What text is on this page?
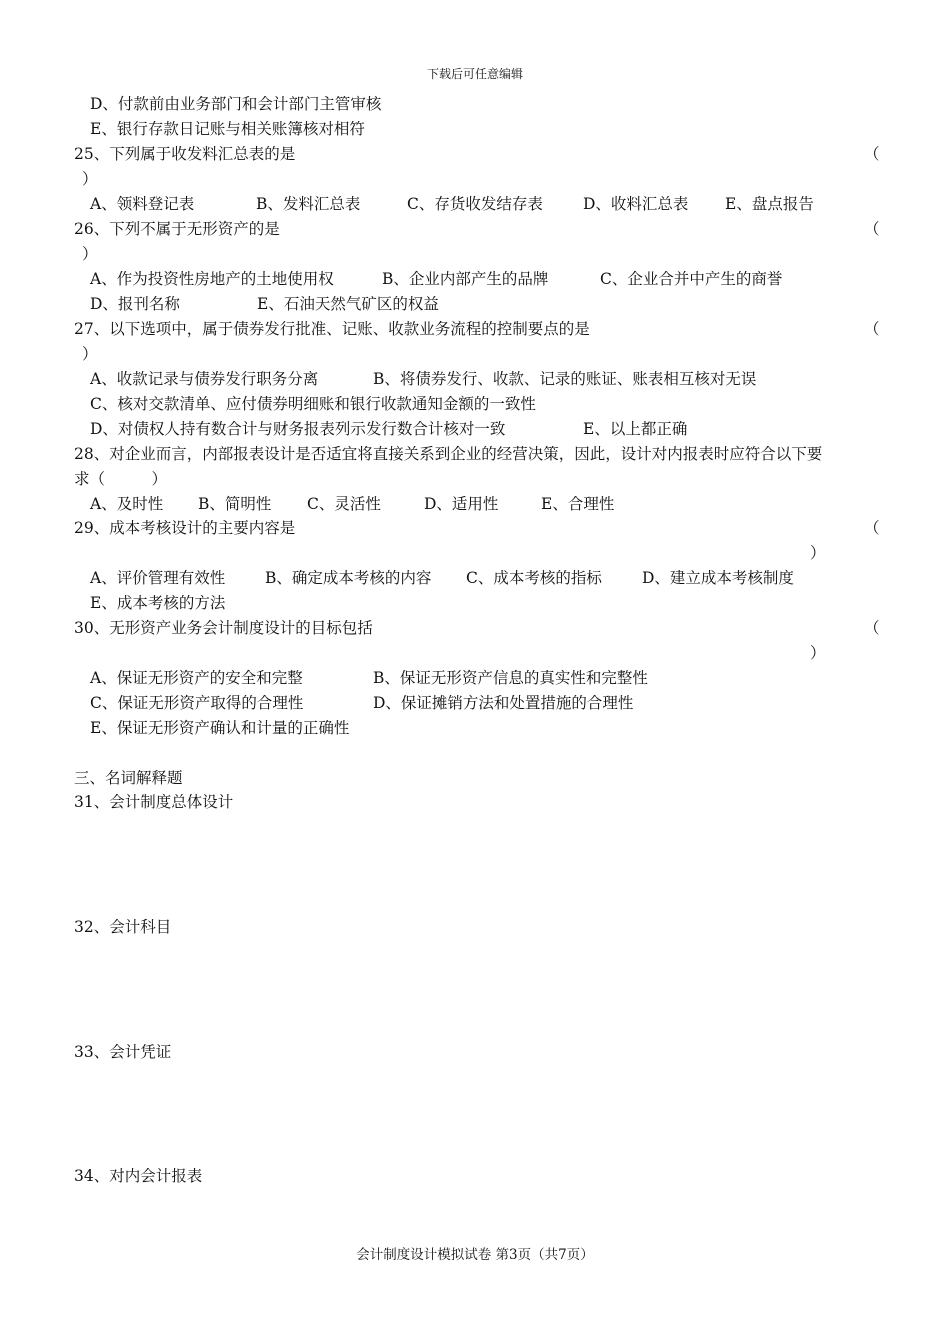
下载后可任意编辑
D、付款前由业务部门和会计部门主管审核
E、银行存款日记账与相关账簿核对相符
25、下列属于收发料汇总表的是	（
）
A、领料登记表	B、发料汇总表	C、存货收发结存表	D、收料汇总表 E、盘点报告
26、下列不属于无形资产的是	（
）
A、作为投资性房地产的土地使用权	B、企业内部产生的品牌	C、企业合并中产生的商誉
D、报刊名称	E、石油天然气矿区的权益
27、以下选项中，属于债券发行批准、记账、收款业务流程的控制要点的是	（
）
A、收款记录与债券发行职务分离	B、将债券发行、收款、记录的账证、账表相互核对无误
C、核对交款清单、应付债券明细账和银行收款通知金额的一致性
D、对债权人持有数合计与财务报表列示发行数合计核对一致	E、以上都正确
28、对企业而言，内部报表设计是否适宜将直接关系到企业的经营决策，因此，设计对内报表时应符合以下要
求（　　　）
A、及时性 B、简明性 C、灵活性	D、适用性	E、合理性
29、成本考核设计的主要内容是	（
）
A、评价管理有效性	B、确定成本考核的内容 C、成本考核的指标	D、建立成本考核制度
E、成本考核的方法
30、无形资产业务会计制度设计的目标包括	（
）
A、保证无形资产的安全和完整	B、保证无形资产信息的真实性和完整性
C、保证无形资产取得的合理性	D、保证摊销方法和处置措施的合理性
E、保证无形资产确认和计量的正确性
三、名词解释题
31、会计制度总体设计
32、会计科目
33、会计凭证
34、对内会计报表
会计制度设计模拟试卷 第3页（共7页）
